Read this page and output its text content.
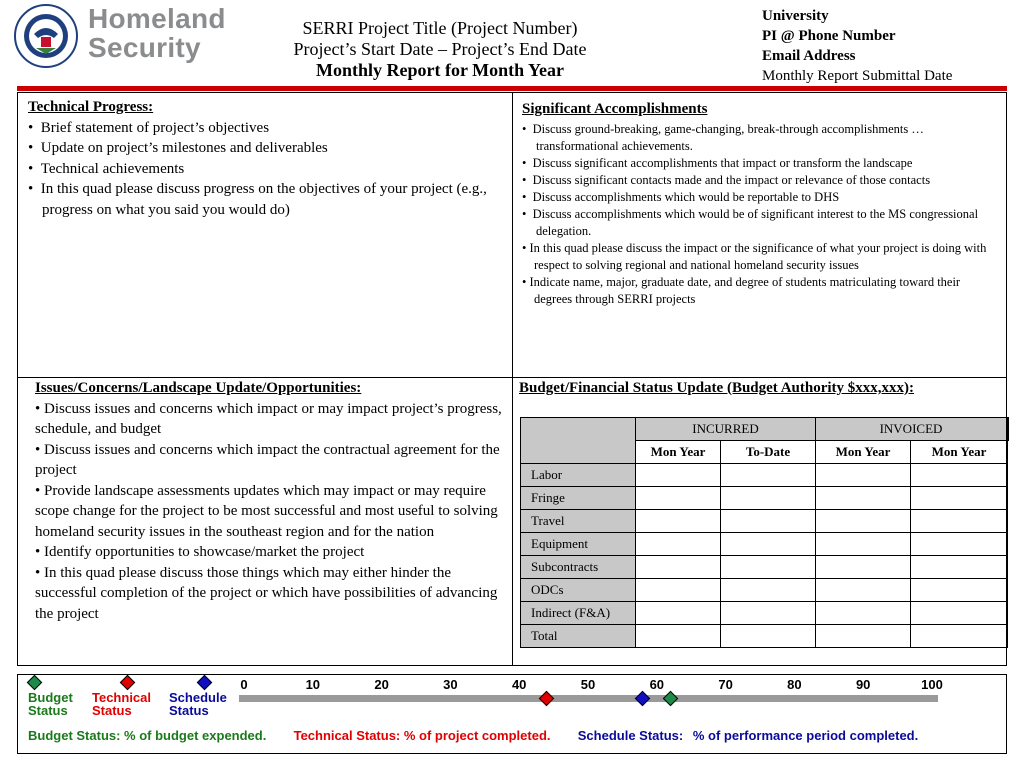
Homeland
Security
SERRI Project Title (Project Number)
Project’s Start Date – Project’s End Date
Monthly Report for Month Year
University
PI @ Phone Number
Email Address
Monthly Report Submittal Date
Technical Progress:
•  Brief statement of project’s objectives
•  Update on project’s milestones and deliverables
•  Technical achievements
•  In this quad please discuss progress on the objectives of your project (e.g., progress on what you said you would do)
Significant Accomplishments
•  Discuss ground-breaking, game-changing, break-through accomplishments … transformational achievements.
•  Discuss significant accomplishments that impact or transform the landscape
•  Discuss significant contacts made and the impact or relevance of those contacts
•  Discuss accomplishments which would be reportable to DHS
•  Discuss accomplishments which would be of significant interest to the MS congressional delegation.
• In this quad please discuss the impact or the significance of what your project is doing with respect to solving regional and national homeland security issues
• Indicate name, major, graduate date, and degree of students matriculating toward their degrees through SERRI projects
Issues/Concerns/Landscape Update/Opportunities:
• Discuss issues and concerns which impact or may impact project’s progress, schedule, and budget
• Discuss issues and concerns which impact the contractual agreement for the project
• Provide landscape assessments updates which may impact or may require scope change for the project to be most successful and most useful to solving homeland security issues in the southeast region and for the nation
• Identify opportunities to showcase/market the project
• In this quad please discuss those things which may either hinder the successful completion of the project or which have possibilities of advancing the project
Budget/Financial Status Update (Budget Authority $xxx,xxx):
	INCURRED		INVOICED	
	Mon Year	To-Date	Mon Year	Mon Year
Labor				
Fringe				
Travel				
Equipment				
Subcontracts				
ODCs				
Indirect (F&A)				
Total				
Budget
Status
Technical
Status
Schedule
Status
0	10	20	30	40	50	60	70	80	90	100
Budget Status: % of budget expended. Technical Status: % of project completed. Schedule Status: % of performance period completed.
